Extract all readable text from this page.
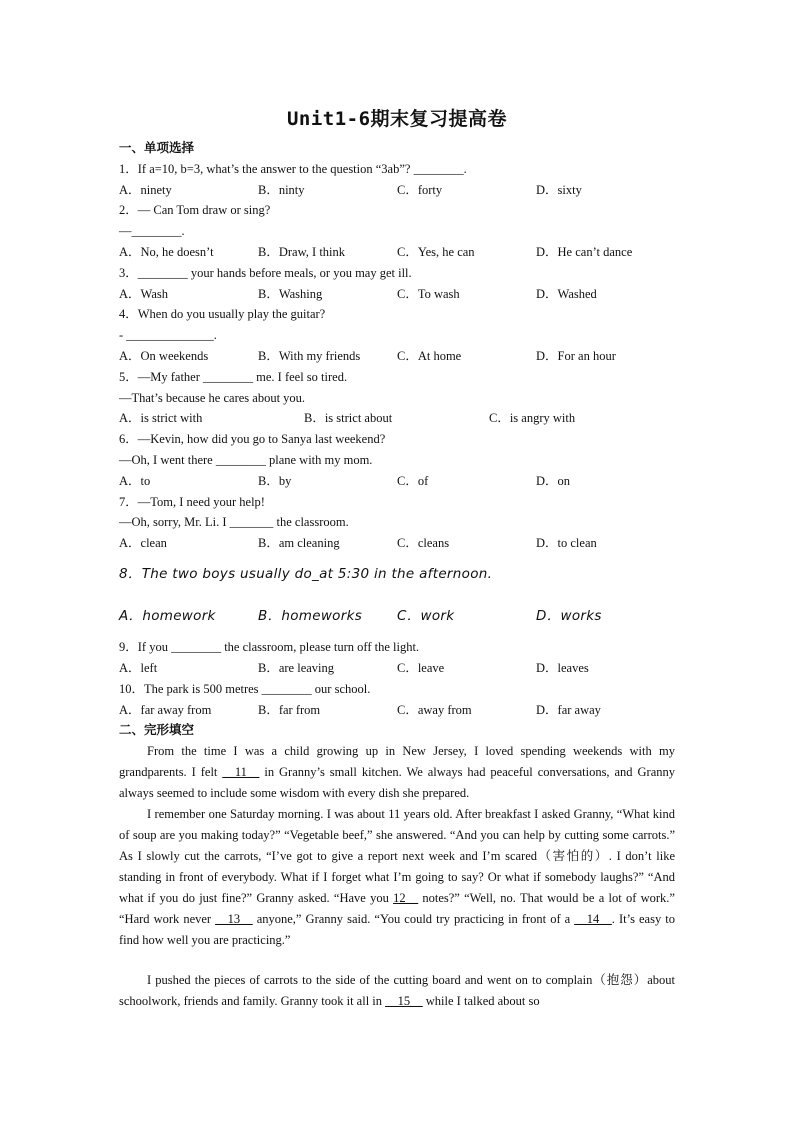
Unit1-6期末复习提高卷
一、单项选择
1．If a=10, b=3, what’s the answer to the question “3ab”? ________.
A．ninety	B．ninty	C．forty	D．sixty
2．— Can Tom draw or sing?
—________.
A．No, he doesn’t	B．Draw, I think	C．Yes, he can	D．He can’t dance
3．________ your hands before meals, or you may get ill.
A．Wash	B．Washing	C．To wash	D．Washed
4．When do you usually play the guitar?
- ______________.
A．On weekends	B．With my friends	C．At home	D．For an hour
5．—My father ________ me. I feel so tired.
—That’s because he cares about you.
A．is strict with	B．is strict about	C．is angry with
6．—Kevin, how did you go to Sanya last weekend?
—Oh, I went there ________ plane with my mom.
A．to	B．by	C．of	D．on
7．—Tom, I need your help!
—Oh, sorry, Mr. Li. I _______ the classroom.
A．clean	B．am cleaning	C．cleans	D．to clean
8．The two boys usually do_at 5:30 in the afternoon.
A．homework	B．homeworks	C．work	D．works
9．If you ________ the classroom, please turn off the light.
A．left	B．are leaving	C．leave	D．leaves
10．The park is 500 metres ________ our school.
A．far away from	B．far from	C．away from	D．far away
二、完形填空
From the time I was a child growing up in New Jersey, I loved spending weekends with my grandparents. I felt __11__ in Granny’s small kitchen. We always had peaceful conversations, and Granny always seemed to include some wisdom with every dish she prepared.
I remember one Saturday morning. I was about 11 years old. After breakfast I asked Granny, “What kind of soup are you making today?” “Vegetable beef,” she answered. “And you can help by cutting some carrots.” As I slowly cut the carrots, “I’ve got to give a report next week and I’m scared（害怕的）. I don’t like standing in front of everybody. What if I forget what I’m going to say? Or what if somebody laughs?” “And what if you do just fine?” Granny asked. “Have you 12__ notes?” “Well, no. That would be a lot of work.” “Hard work never __13__ anyone,” Granny said. “You could try practicing in front of a __14__. It’s easy to find how well you are practicing.”
I pushed the pieces of carrots to the side of the cutting board and went on to complain（抱怨）about schoolwork, friends and family. Granny took it all in __15__ while I talked about so
